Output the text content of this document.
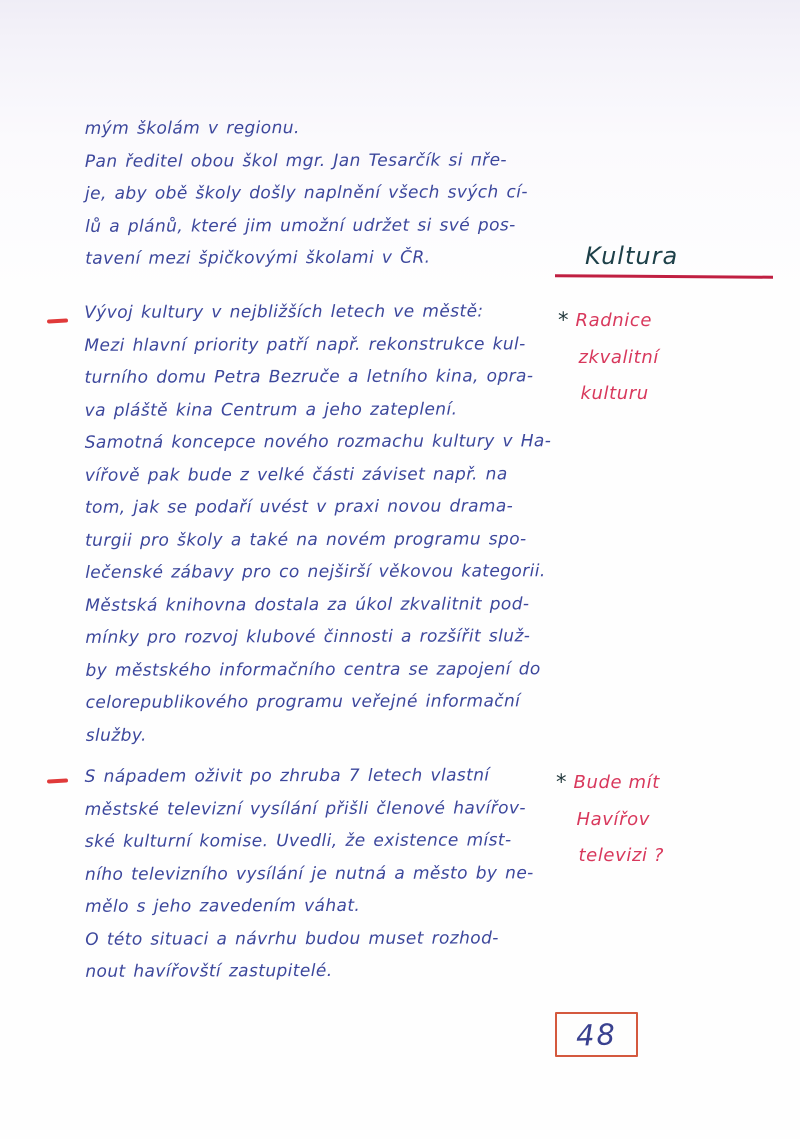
mým školám v regionu.
Pan ředitel obou škol mgr. Jan Tesarčík si пře-
je, aby obě školy došly naplnění všech svých cí-
lů a plánů, které jim umožní udržet si své pos-
tavení mezi špičkovými školami v ČR.	Kultura
Vývoj kultury v nejbližších letech ve městě:
Mezi hlavní priority patří např. rekonstrukce kul-
turního domu Petra Bezruče a letního kina, opra-
va pláště kina Centrum a jeho zateplení.
Samotná koncepce nového rozmachu kultury v Ha-
vířově pak bude z velké části záviset např. na
tom, jak se podaří uvést v praxi novou drama-
turgii pro školy a také na novém programu spo-
lečenské zábavy pro co nejširší věkovou kategorii.
Městská knihovna dostala za úkol zkvalitnit pod-
mínky pro rozvoj klubové činnosti a rozšířit služ-
by městského informačního centra se zapojení do
celorepublikového programu veřejné informační
služby.
* Radnice
zkvalitní
kulturu
S nápadem oživit po zhruba 7 letech vlastní
městské televizní vysílání přišli členové havířov-
ské kulturní komise. Uvedli, že existence míst-
ního televizního vysílání je nutná a město by ne-
mělo s jeho zavedením váhat.
O této situaci a návrhu budou muset rozhod-
nout havířovští zastupitelé.
* Bude mít
Havířov
televizi ?
48
